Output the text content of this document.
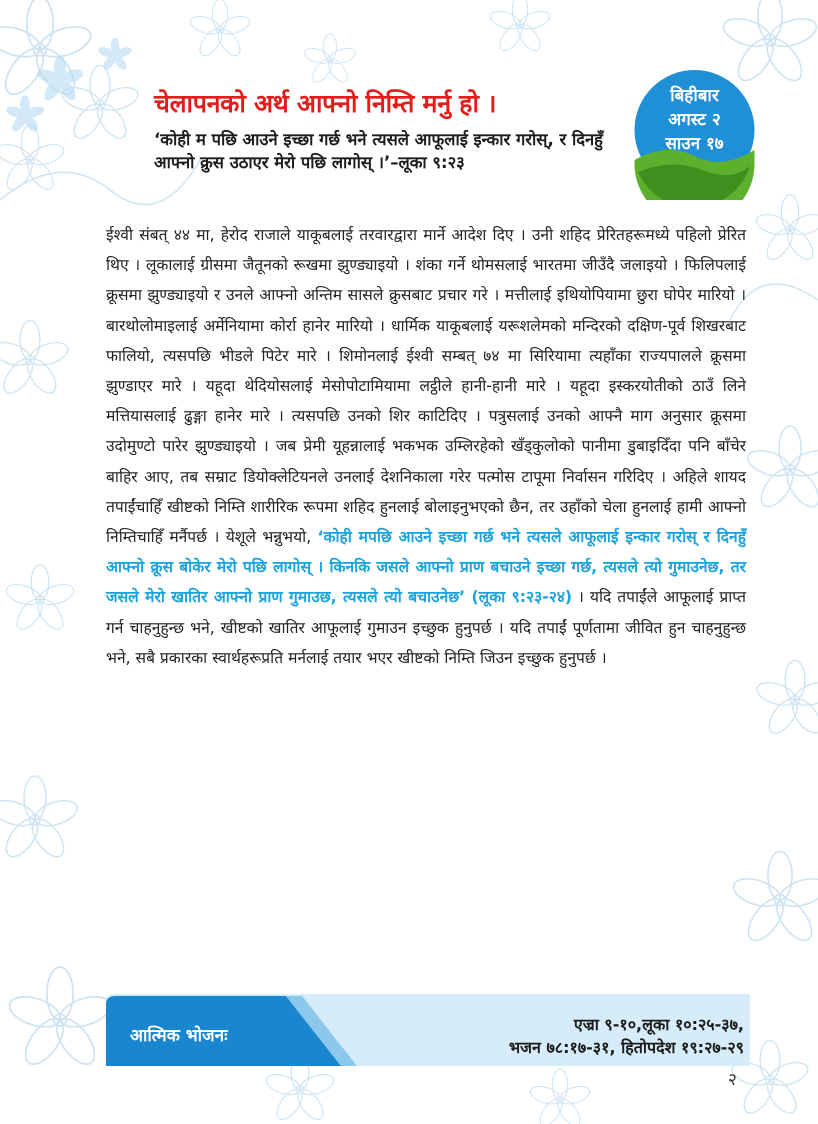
चेलापनको अर्थ आफ्नो निम्ति मर्नु हो ।
‘कोही म पछि आउने इच्छा गर्छ भने त्यसले आफूलाई इन्कार गरोस्, र दिनहुँ आफ्नो क्रुस उठाएर मेरो पछि लागोस् ।’–लूका ९:२३
बिहीबार
अगस्ट २
साउन १७
ईश्वी संबत् ४४ मा, हेरोद राजाले याकूबलाई तरवारद्वारा मार्ने आदेश दिए । उनी शहिद प्रेरितहरूमध्ये पहिलो प्रेरित थिए । लूकालाई ग्रीसमा जैतूनको रूखमा झुण्ड्याइयो । शंका गर्ने थोमसलाई भारतमा जीउँदै जलाइयो । फिलिपलाई क्रूसमा झुण्ड्याइयो र उनले आफ्नो अन्तिम सासले क्रुसबाट प्रचार गरे । मत्तीलाई इथियोपियामा छुरा घोपेर मारियो । बारथोलोमाइलाई अर्मेनियामा कोर्रा हानेर मारियो । धार्मिक याकूबलाई यरूशलेमको मन्दिरको दक्षिण-पूर्व शिखरबाट फालियो, त्यसपछि भीडले पिटेर मारे । शिमोनलाई ईश्वी सम्बत् ७४ मा सिरियामा त्यहाँका राज्यपालले क्रूसमा झुण्डाएर मारे । यहूदा थेदियोसलाई मेसोपोटामियामा लट्ठीले हानी-हानी मारे । यहूदा इस्करयोतीको ठाउँ लिने मत्तियासलाई ढुङ्गा हानेर मारे । त्यसपछि उनको शिर काटिदिए । पत्रुसलाई उनको आफ्नै माग अनुसार क्रूसमा उदोमुण्टो पारेर झुण्ड्याइयो । जब प्रेमी यूहन्नालाई भकभक उम्लिरहेको खँड्कुलोको पानीमा डुबाइदिँदा पनि बाँचेर बाहिर आए, तब सम्राट डियोक्लेटियनले उनलाई देशनिकाला गरेर पत्मोस टापूमा निर्वासन गरिदिए । अहिले शायद तपाईंचाहिँ खीष्टको निम्ति शारीरिक रूपमा शहिद हुनलाई बोलाइनुभएको छैन, तर उहाँको चेला हुनलाई हामी आफ्नो निम्तिचाहिँ मर्नैपर्छ । येशूले भन्नुभयो, ‘कोही मपछि आउने इच्छा गर्छ भने त्यसले आफूलाई इन्कार गरोस् र दिनहुँ आफ्नो क्रूस बोकेर मेरो पछि लागोस् । किनकि जसले आफ्नो प्राण बचाउने इच्छा गर्छ, त्यसले त्यो गुमाउनेछ, तर जसले मेरो खातिर आफ्नो प्राण गुमाउछ, त्यसले त्यो बचाउनेछ’ (लूका ९:२३-२४) । यदि तपाईंले आफूलाई प्राप्त गर्न चाहनुहुन्छ भने, खीष्टको खातिर आफूलाई गुमाउन इच्छुक हुनुपर्छ । यदि तपाईं पूर्णतामा जीवित हुन चाहनुहुन्छ भने, सबै प्रकारका स्वार्थहरूप्रति मर्नलाई तयार भएर खीष्टको निम्ति जिउन इच्छुक हुनुपर्छ ।
आत्मिक भोजनः
एज्रा ९-१०,लूका १०:२५-३७,
भजन ७८:१७-३१, हितोपदेश १९:२७-२९
२
